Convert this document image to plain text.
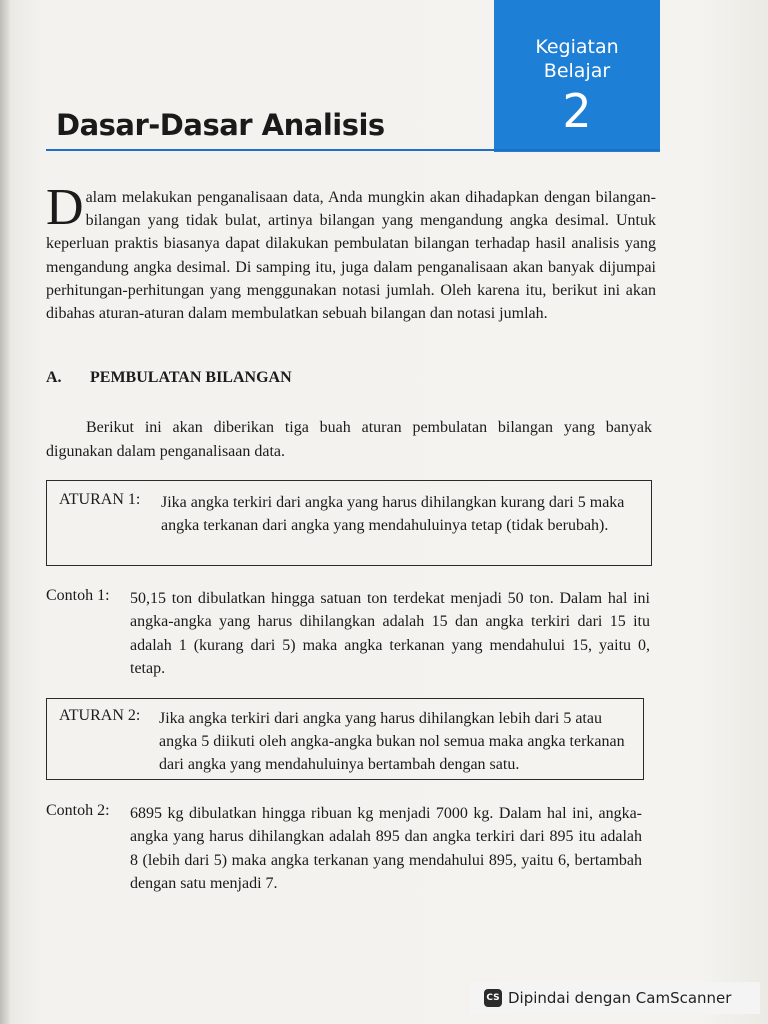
Kegiatan
Belajar
2
Dasar-Dasar Analisis
Dalam melakukan penganalisaan data, Anda mungkin akan dihadapkan dengan bilangan-bilangan yang tidak bulat, artinya bilangan yang mengandung angka desimal. Untuk keperluan praktis biasanya dapat dilakukan pembulatan bilangan terhadap hasil analisis yang mengandung angka desimal. Di samping itu, juga dalam penganalisaan akan banyak dijumpai perhitungan-perhitungan yang menggunakan notasi jumlah. Oleh karena itu, berikut ini akan dibahas aturan-aturan dalam membulatkan sebuah bilangan dan notasi jumlah.
A. PEMBULATAN BILANGAN
Berikut ini akan diberikan tiga buah aturan pembulatan bilangan yang banyak digunakan dalam penganalisaan data.
ATURAN 1: Jika angka terkiri dari angka yang harus dihilangkan kurang dari 5 maka angka terkanan dari angka yang mendahuluinya tetap (tidak berubah).
Contoh 1: 50,15 ton dibulatkan hingga satuan ton terdekat menjadi 50 ton. Dalam hal ini angka-angka yang harus dihilangkan adalah 15 dan angka terkiri dari 15 itu adalah 1 (kurang dari 5) maka angka terkanan yang mendahului 15, yaitu 0, tetap.
ATURAN 2: Jika angka terkiri dari angka yang harus dihilangkan lebih dari 5 atau angka 5 diikuti oleh angka-angka bukan nol semua maka angka terkanan dari angka yang mendahuluinya bertambah dengan satu.
Contoh 2: 6895 kg dibulatkan hingga ribuan kg menjadi 7000 kg. Dalam hal ini, angka-angka yang harus dihilangkan adalah 895 dan angka terkiri dari 895 itu adalah 8 (lebih dari 5) maka angka terkanan yang mendahului 895, yaitu 6, bertambah dengan satu menjadi 7.
CS Dipindai dengan CamScanner
